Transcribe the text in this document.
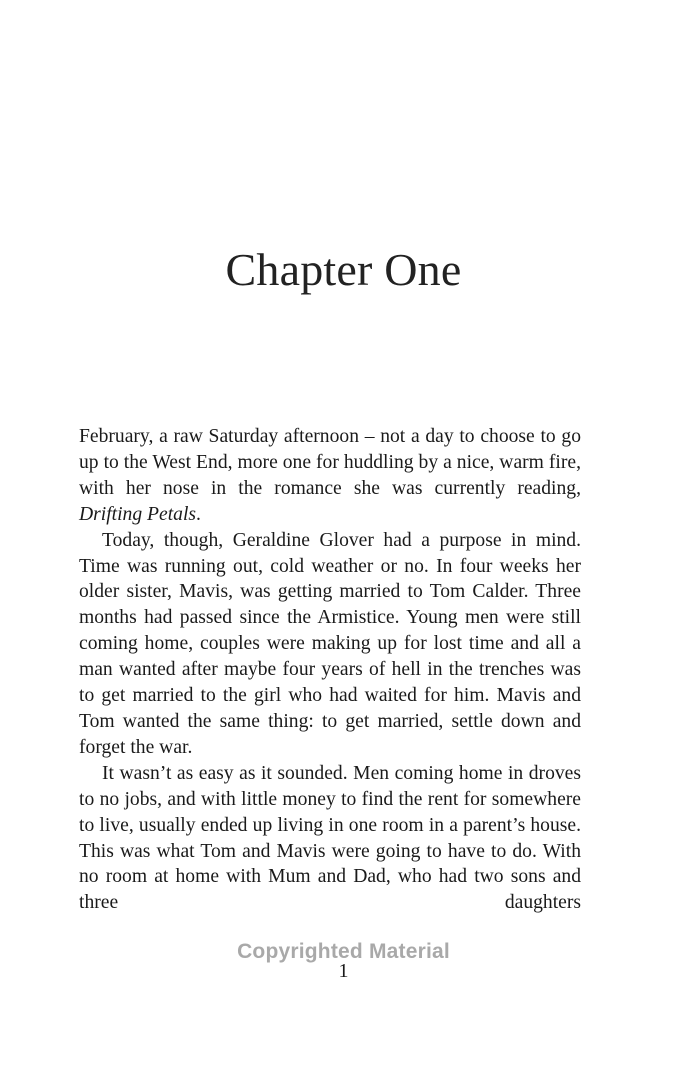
Chapter One

February, a raw Saturday afternoon – not a day to choose to go up to the West End, more one for huddling by a nice, warm fire, with her nose in the romance she was currently reading, Drifting Petals.

Today, though, Geraldine Glover had a purpose in mind. Time was running out, cold weather or no. In four weeks her older sister, Mavis, was getting married to Tom Calder. Three months had passed since the Armistice. Young men were still coming home, couples were making up for lost time and all a man wanted after maybe four years of hell in the trenches was to get married to the girl who had waited for him. Mavis and Tom wanted the same thing: to get married, settle down and forget the war.

It wasn’t as easy as it sounded. Men coming home in droves to no jobs, and with little money to find the rent for somewhere to live, usually ended up living in one room in a parent’s house. This was what Tom and Mavis were going to have to do. With no room at home with Mum and Dad, who had two sons and three daughters

Copyrighted Material
1
